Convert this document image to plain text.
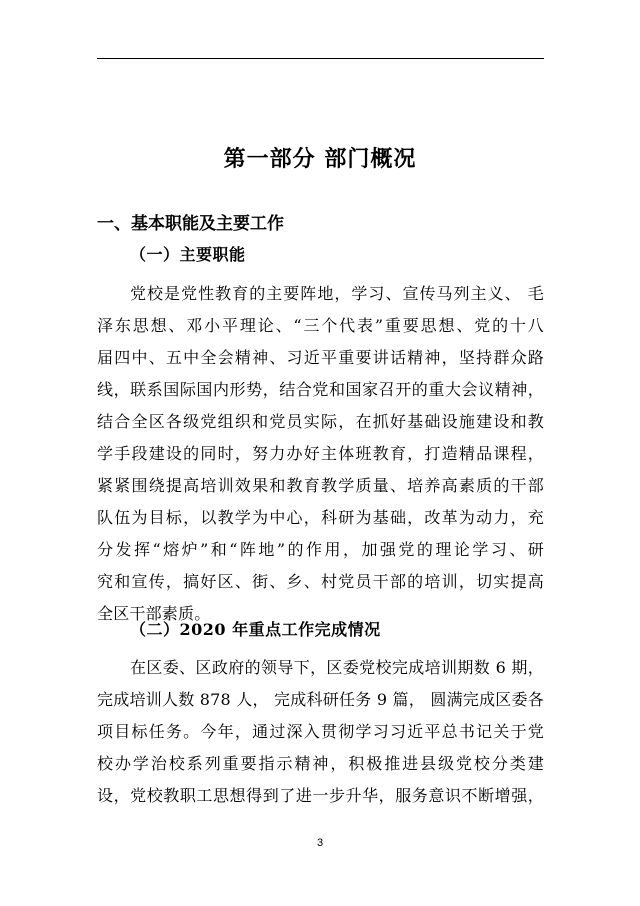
第一部分 部门概况
一、基本职能及主要工作
（一）主要职能
党校是党性教育的主要阵地，学习、宣传马列主义、 毛
泽东思想、邓小平理论、“三个代表”重要思想、党的十八
届四中、五中全会精神、习近平重要讲话精神，坚持群众路
线，联系国际国内形势，结合党和国家召开的重大会议精神，
结合全区各级党组织和党员实际，在抓好基础设施建设和教
学手段建设的同时，努力办好主体班教育，打造精品课程，
紧紧围绕提高培训效果和教育教学质量、培养高素质的干部
队伍为目标，以教学为中心，科研为基础，改革为动力，充
分发挥“熔炉”和“阵地”的作用，加强党的理论学习、研
究和宣传，搞好区、街、乡、村党员干部的培训，切实提高
全区干部素质。
（二）2020 年重点工作完成情况
在区委、区政府的领导下，区委党校完成培训期数 6 期，
完成培训人数 878 人， 完成科研任务 9 篇， 圆满完成区委各
项目标任务。今年，通过深入贯彻学习习近平总书记关于党
校办学治校系列重要指示精神，积极推进县级党校分类建
设，党校教职工思想得到了进一步升华，服务意识不断增强，
3
